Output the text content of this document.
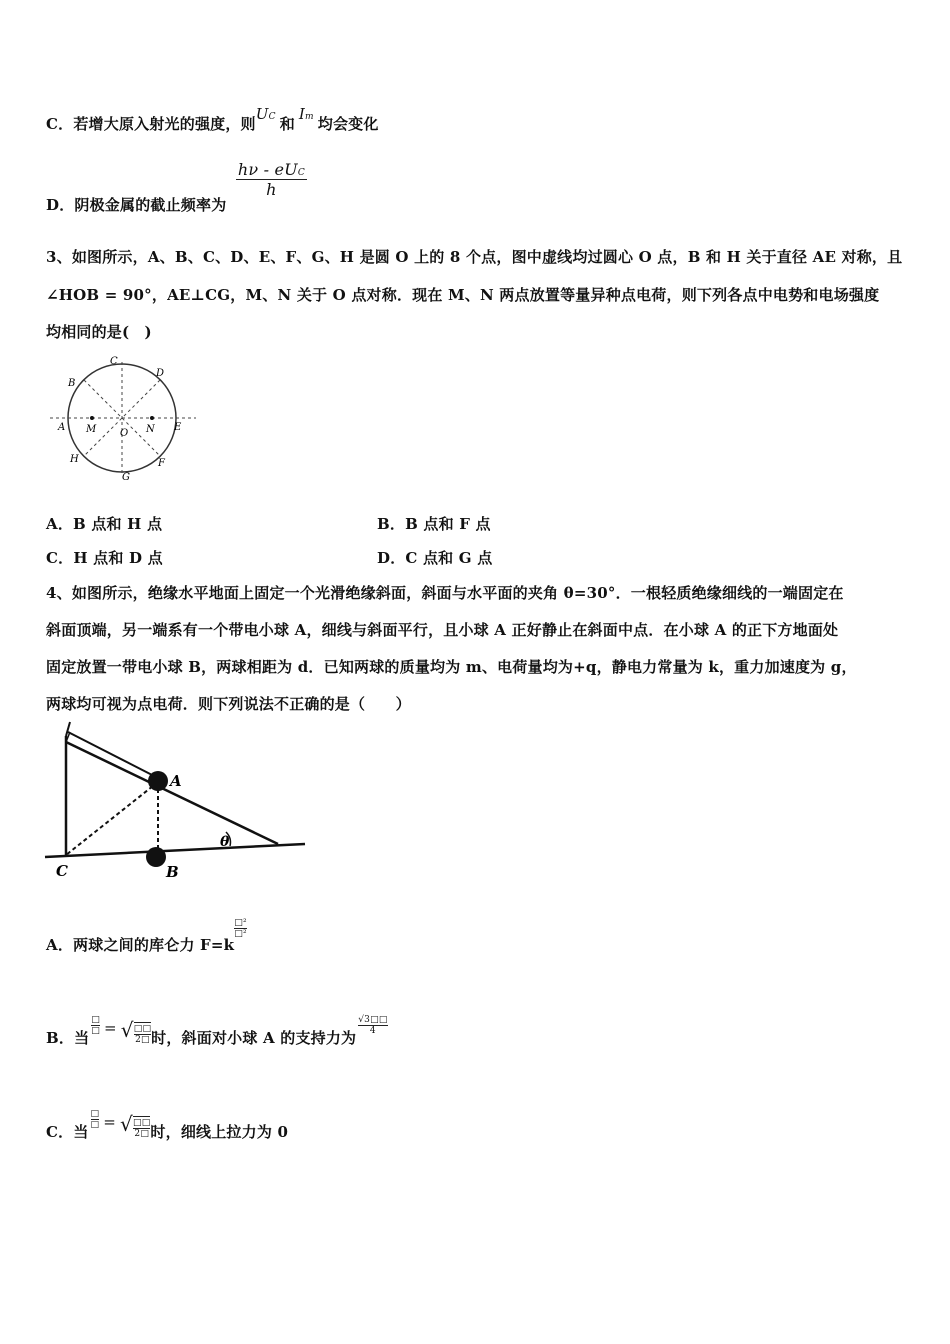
C．若增大原入射光的强度，则UC 和Im 均会变化
D．阴极金属的截止频率为
$\frac{\text{hν - eUC}}{h}$
3、如图所示，A、B、C、D、E、F、G、H 是圆 O 上的 8 个点，图中虚线均过圆心 O 点，B 和 H 关于直径 AE 对称，且
∠HOB = 90°，AE⊥CG，M、N 关于 O 点对称．现在 M、N 两点放置等量异种点电荷，则下列各点中电势和电场强度
均相同的是(　)
C
D
B
A M O N E
H	F
G
A．B 点和 H 点	B．B 点和 F 点
C．H 点和 D 点	D．C 点和 G 点
4、如图所示，绝缘水平地面上固定一个光滑绝缘斜面，斜面与水平面的夹角 θ=30°．一根轻质绝缘细线的一端固定在
斜面顶端，另一端系有一个带电小球 A，细线与斜面平行，且小球 A 正好静止在斜面中点．在小球 A 的正下方地面处
固定放置一带电小球 B，两球相距为 d．已知两球的质量均为 m、电荷量均为+q，静电力常量为 k，重力加速度为 g，
两球均可视为点电荷．则下列说法不正确的是（　　）
A
B
C
θ
A．两球之间的库仑力 F=k
$\frac{\text{□²}}{\text{□²}}$
B．当
$\frac{□}{□}$ = √ $\frac{□□}{2□}$ 时，斜面对小球 A 的支持力为
$\frac{√3□□}{4}$
C．当
$\frac{□}{□}$ = √ $\frac{□□}{2□}$ 时，细线上拉力为 0
